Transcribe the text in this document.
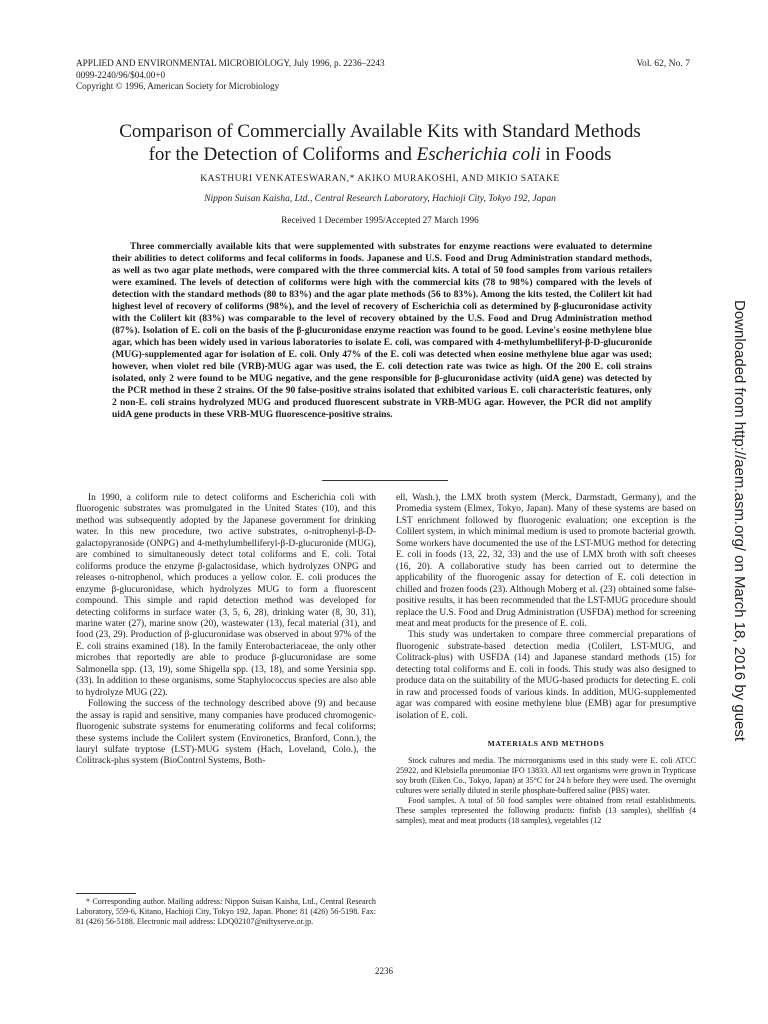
APPLIED AND ENVIRONMENTAL MICROBIOLOGY, July 1996, p. 2236–2243
0099-2240/96/$04.00+0
Copyright © 1996, American Society for Microbiology
Vol. 62, No. 7
Comparison of Commercially Available Kits with Standard Methods
for the Detection of Coliforms and Escherichia coli in Foods
KASTHURI VENKATESWARAN,* AKIKO MURAKOSHI, AND MIKIO SATAKE
Nippon Suisan Kaisha, Ltd., Central Research Laboratory, Hachioji City, Tokyo 192, Japan
Received 1 December 1995/Accepted 27 March 1996
Three commercially available kits that were supplemented with substrates for enzyme reactions were evaluated to determine their abilities to detect coliforms and fecal coliforms in foods. Japanese and U.S. Food and Drug Administration standard methods, as well as two agar plate methods, were compared with the three commercial kits. A total of 50 food samples from various retailers were examined. The levels of detection of coliforms were high with the commercial kits (78 to 98%) compared with the levels of detection with the standard methods (80 to 83%) and the agar plate methods (56 to 83%). Among the kits tested, the Colilert kit had highest level of recovery of coliforms (98%), and the level of recovery of Escherichia coli as determined by β-glucuronidase activity with the Colilert kit (83%) was comparable to the level of recovery obtained by the U.S. Food and Drug Administration method (87%). Isolation of E. coli on the basis of the β-glucuronidase enzyme reaction was found to be good. Levine's eosine methylene blue agar, which has been widely used in various laboratories to isolate E. coli, was compared with 4-methylumbelliferyl-β-D-glucuronide (MUG)-supplemented agar for isolation of E. coli. Only 47% of the E. coli was detected when eosine methylene blue agar was used; however, when violet red bile (VRB)-MUG agar was used, the E. coli detection rate was twice as high. Of the 200 E. coli strains isolated, only 2 were found to be MUG negative, and the gene responsible for β-glucuronidase activity (uidA gene) was detected by the PCR method in these 2 strains. Of the 90 false-positive strains isolated that exhibited various E. coli characteristic features, only 2 non-E. coli strains hydrolyzed MUG and produced fluorescent substrate in VRB-MUG agar. However, the PCR did not amplify uidA gene products in these VRB-MUG fluorescence-positive strains.

In 1990, a coliform rule to detect coliforms and Escherichia coli with fluorogenic substrates was promulgated in the United States (10), and this method was subsequently adopted by the Japanese government for drinking water. In this new procedure, two active substrates, o-nitrophenyl-β-D-galactopyranoside (ONPG) and 4-methylumbelliferyl-β-D-glucuronide (MUG), are combined to simultaneously detect total coliforms and E. coli. Total coliforms produce the enzyme β-galactosidase, which hydrolyzes ONPG and releases o-nitrophenol, which produces a yellow color. E. coli produces the enzyme β-glucuronidase, which hydrolyzes MUG to form a fluorescent compound. This simple and rapid detection method was developed for detecting coliforms in surface water (3, 5, 6, 28), drinking water (8, 30, 31), marine water (27), marine snow (20), wastewater (13), fecal material (31), and food (23, 29). Production of β-glucuronidase was observed in about 97% of the E. coli strains examined (18). In the family Enterobacteriaceae, the only other microbes that reportedly are able to produce β-glucuronidase are some Salmonella spp. (13, 19), some Shigella spp. (13, 18), and some Yersinia spp. (33). In addition to these organisms, some Staphylococcus species are also able to hydrolyze MUG (22).

Following the success of the technology described above (9) and because the assay is rapid and sensitive, many companies have produced chromogenic-fluorogenic substrate systems for enumerating coliforms and fecal coliforms; these systems include the Colilert system (Environetics, Branford, Conn.), the lauryl sulfate tryptose (LST)-MUG system (Hach, Loveland, Colo.), the Colitrack-plus system (BioControl Systems, Both-

ell, Wash.), the LMX broth system (Merck, Darmstadt, Germany), and the Promedia system (Elmex, Tokyo, Japan). Many of these systems are based on LST enrichment followed by fluorogenic evaluation; one exception is the Colilert system, in which minimal medium is used to promote bacterial growth. Some workers have documented the use of the LST-MUG method for detecting E. coli in foods (13, 22, 32, 33) and the use of LMX broth with soft cheeses (16, 20). A collaborative study has been carried out to determine the applicability of the fluorogenic assay for detection of E. coli detection in chilled and frozen foods (23). Although Moberg et al. (23) obtained some false-positive results, it has been recommended that the LST-MUG procedure should replace the U.S. Food and Drug Administration (USFDA) method for screening meat and meat products for the presence of E. coli.

This study was undertaken to compare three commercial preparations of fluorogenic substrate-based detection media (Colilert, LST-MUG, and Colitrack-plus) with USFDA (14) and Japanese standard methods (15) for detecting total coliforms and E. coli in foods. This study was also designed to produce data on the suitability of the MUG-based products for detecting E. coli in raw and processed foods of various kinds. In addition, MUG-supplemented agar was compared with eosine methylene blue (EMB) agar for presumptive isolation of E. coli.

MATERIALS AND METHODS

Stock cultures and media. The microorganisms used in this study were E. coli ATCC 25922, and Klebsiella pneumoniae IFO 13833. All test organisms were grown in Trypticase soy broth (Eiken Co., Tokyo, Japan) at 35°C for 24 h before they were used. The overnight cultures were serially diluted in sterile phosphate-buffered saline (PBS) water.

Food samples. A total of 50 food samples were obtained from retail establishments. These samples represented the following products: finfish (13 samples), shellfish (4 samples), meat and meat products (18 samples), vegetables (12

* Corresponding author. Mailing address: Nippon Suisan Kaisha, Ltd., Central Research Laboratory, 559-6, Kitano, Hachioji City, Tokyo 192, Japan. Phone: 81 (426) 56-5198. Fax: 81 (426) 56-5188. Electronic mail address: LDQ02107@niftyserve.or.jp.
2236
Downloaded from http://aem.asm.org/ on March 18, 2016 by guest
